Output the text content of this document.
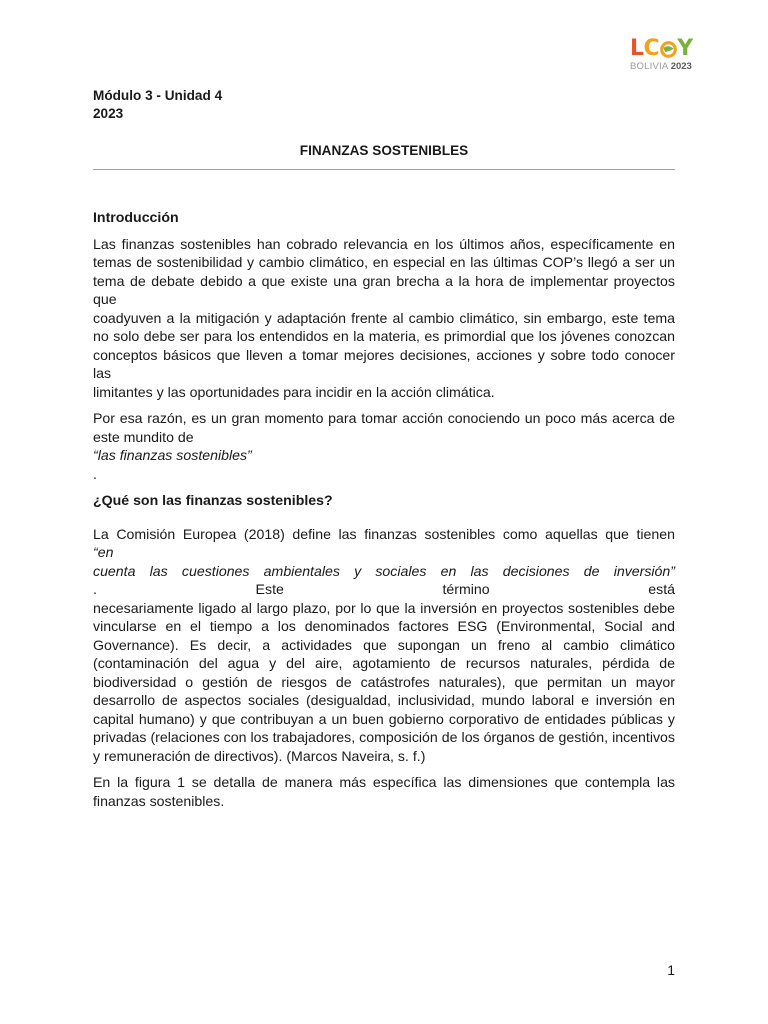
L C Y
BOLIVIA 2023
Módulo 3 - Unidad 4
2023
FINANZAS SOSTENIBLES
Introducción

Las finanzas sostenibles han cobrado relevancia en los últimos años, específicamente en
temas de sostenibilidad y cambio climático, en especial en las últimas COP’s llegó a ser un
tema de debate debido a que existe una gran brecha a la hora de implementar proyectos que
coadyuven a la mitigación y adaptación frente al cambio climático, sin embargo, este tema
no solo debe ser para los entendidos en la materia, es primordial que los jóvenes conozcan
conceptos básicos que lleven a tomar mejores decisiones, acciones y sobre todo conocer las
limitantes y las oportunidades para incidir en la acción climática.

Por esa razón, es un gran momento para tomar acción conociendo un poco más acerca de
este mundito de
“las finanzas sostenibles”
.

¿Qué son las finanzas sostenibles?

La Comisión Europea (2018) define las finanzas sostenibles como aquellas que tienen
“en
cuenta las cuestiones ambientales y sociales en las decisiones de inversión”
. Este término está
necesariamente ligado al largo plazo, por lo que la inversión en proyectos sostenibles debe
vincularse en el tiempo a los denominados factores ESG (Environmental, Social and
Governance). Es decir, a actividades que supongan un freno al cambio climático
(contaminación del agua y del aire, agotamiento de recursos naturales, pérdida de
biodiversidad o gestión de riesgos de catástrofes naturales), que permitan un mayor
desarrollo de aspectos sociales (desigualdad, inclusividad, mundo laboral e inversión en
capital humano) y que contribuyan a un buen gobierno corporativo de entidades públicas y
privadas (relaciones con los trabajadores, composición de los órganos de gestión, incentivos
y remuneración de directivos). (Marcos Naveira, s. f.)

En la figura 1 se detalla de manera más específica las dimensiones que contempla las
finanzas sostenibles.

1
